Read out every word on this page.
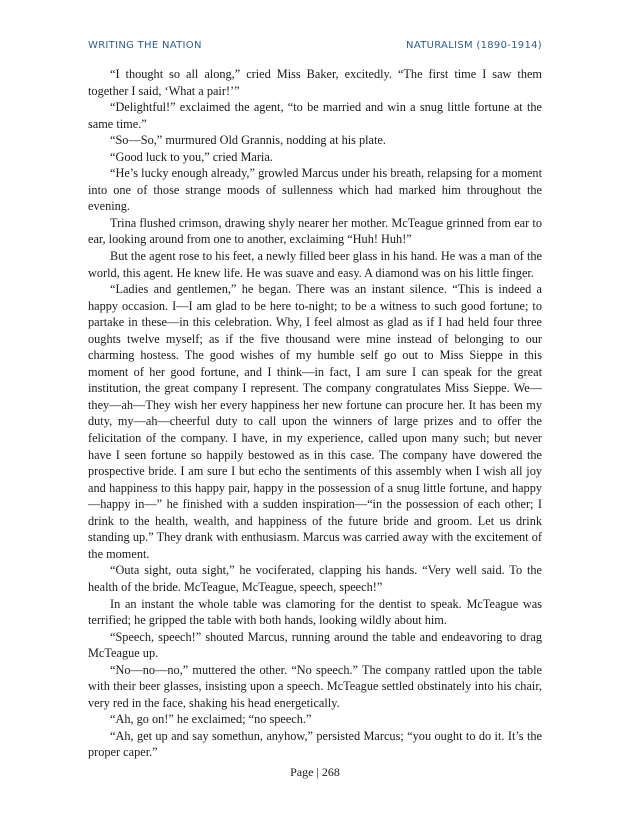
WRITING THE NATION	NATURALISM (1890-1914)

“I thought so all along,” cried Miss Baker, excitedly. “The first time I saw them together I said, ‘What a pair!’”

“Delightful!” exclaimed the agent, “to be married and win a snug little fortune at the same time.”

“So—So,” murmured Old Grannis, nodding at his plate.

“Good luck to you,” cried Maria.

“He’s lucky enough already,” growled Marcus under his breath, relapsing for a moment into one of those strange moods of sullenness which had marked him throughout the evening.

Trina flushed crimson, drawing shyly nearer her mother. McTeague grinned from ear to ear, looking around from one to another, exclaiming “Huh! Huh!”

But the agent rose to his feet, a newly filled beer glass in his hand. He was a man of the world, this agent. He knew life. He was suave and easy. A diamond was on his little finger.

“Ladies and gentlemen,” he began. There was an instant silence. “This is indeed a happy occasion. I—I am glad to be here to-night; to be a witness to such good fortune; to partake in these—in this celebration. Why, I feel almost as glad as if I had held four three oughts twelve myself; as if the five thousand were mine instead of belonging to our charming hostess. The good wishes of my humble self go out to Miss Sieppe in this moment of her good fortune, and I think—in fact, I am sure I can speak for the great institution, the great company I represent. The company congratulates Miss Sieppe. We—they—ah—They wish her every happiness her new fortune can procure her. It has been my duty, my—ah—cheerful duty to call upon the winners of large prizes and to offer the felicitation of the company. I have, in my experience, called upon many such; but never have I seen fortune so happily bestowed as in this case. The company have dowered the prospective bride. I am sure I but echo the sentiments of this assembly when I wish all joy and happiness to this happy pair, happy in the possession of a snug little fortune, and happy—happy in—” he finished with a sudden inspiration—“in the possession of each other; I drink to the health, wealth, and happiness of the future bride and groom. Let us drink standing up.” They drank with enthusiasm. Marcus was carried away with the excitement of the moment.

“Outa sight, outa sight,” he vociferated, clapping his hands. “Very well said. To the health of the bride. McTeague, McTeague, speech, speech!”

In an instant the whole table was clamoring for the dentist to speak. McTeague was terrified; he gripped the table with both hands, looking wildly about him.

“Speech, speech!” shouted Marcus, running around the table and endeavoring to drag McTeague up.

“No—no—no,” muttered the other. “No speech.” The company rattled upon the table with their beer glasses, insisting upon a speech. McTeague settled obstinately into his chair, very red in the face, shaking his head energetically.

“Ah, go on!” he exclaimed; “no speech.”

“Ah, get up and say somethun, anyhow,” persisted Marcus; “you ought to do it. It’s the proper caper.”

Page | 268
